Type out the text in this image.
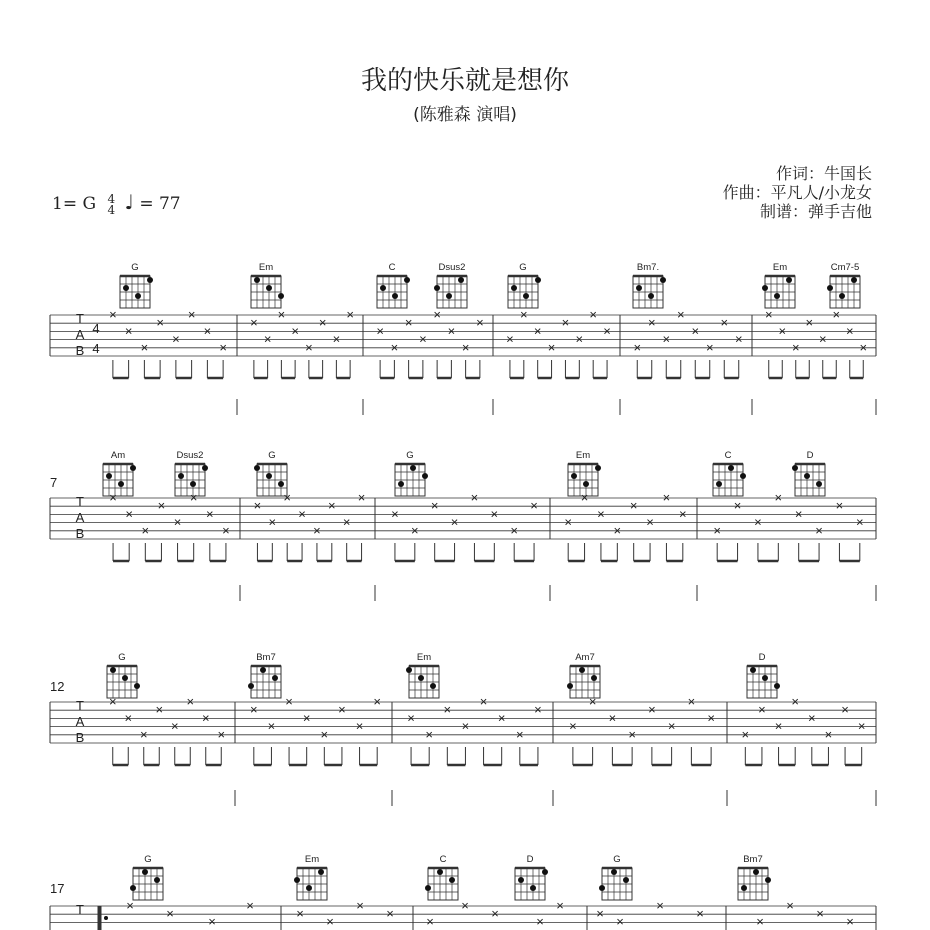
我的快乐就是想你
(陈雅森 演唱)
作词：牛国长
作曲：平凡人/小龙女
制谱：弹手吉他
1= G 4
4 ♩ = 77
7
12
17
G	Em	C	Dsus2	G	Bm7.	Em	Cm7-5
T
A
B
4
4
×
×
×
×
×
×
×
×
×
×
×
×
×
×
×
×
×
×
×
×
×
×
×
×
×
×
×
×
×
×
×
×
×
×
×
×
×
×
×
×
×
×
×
×
×
×
×
×
Am	Dsus2	G	G	Em	C	D
T
A
B
×
×
×
×
×
×
×
×
×
×
×
×
×
×
×
×
×
×
×
×
×
×
×
×
×
×
×
×
×
×
×
×
×
×
×
×
×
×
×
×
G	Bm7	Em	Am7	D
T
A
B
×
×
×
×
×
×
×
×
×
×
×
×
×
×
×
×
×
×
×
×
×
×
×
×
×
×
×
×
×
×
×
×
×
×
×
×
×
×
×
×
G	Em	C	D	G	Bm7
T	×
×
×
×
×
×
×
×
×
×
×
×
×
×
×
×
×
×
×
×
×
